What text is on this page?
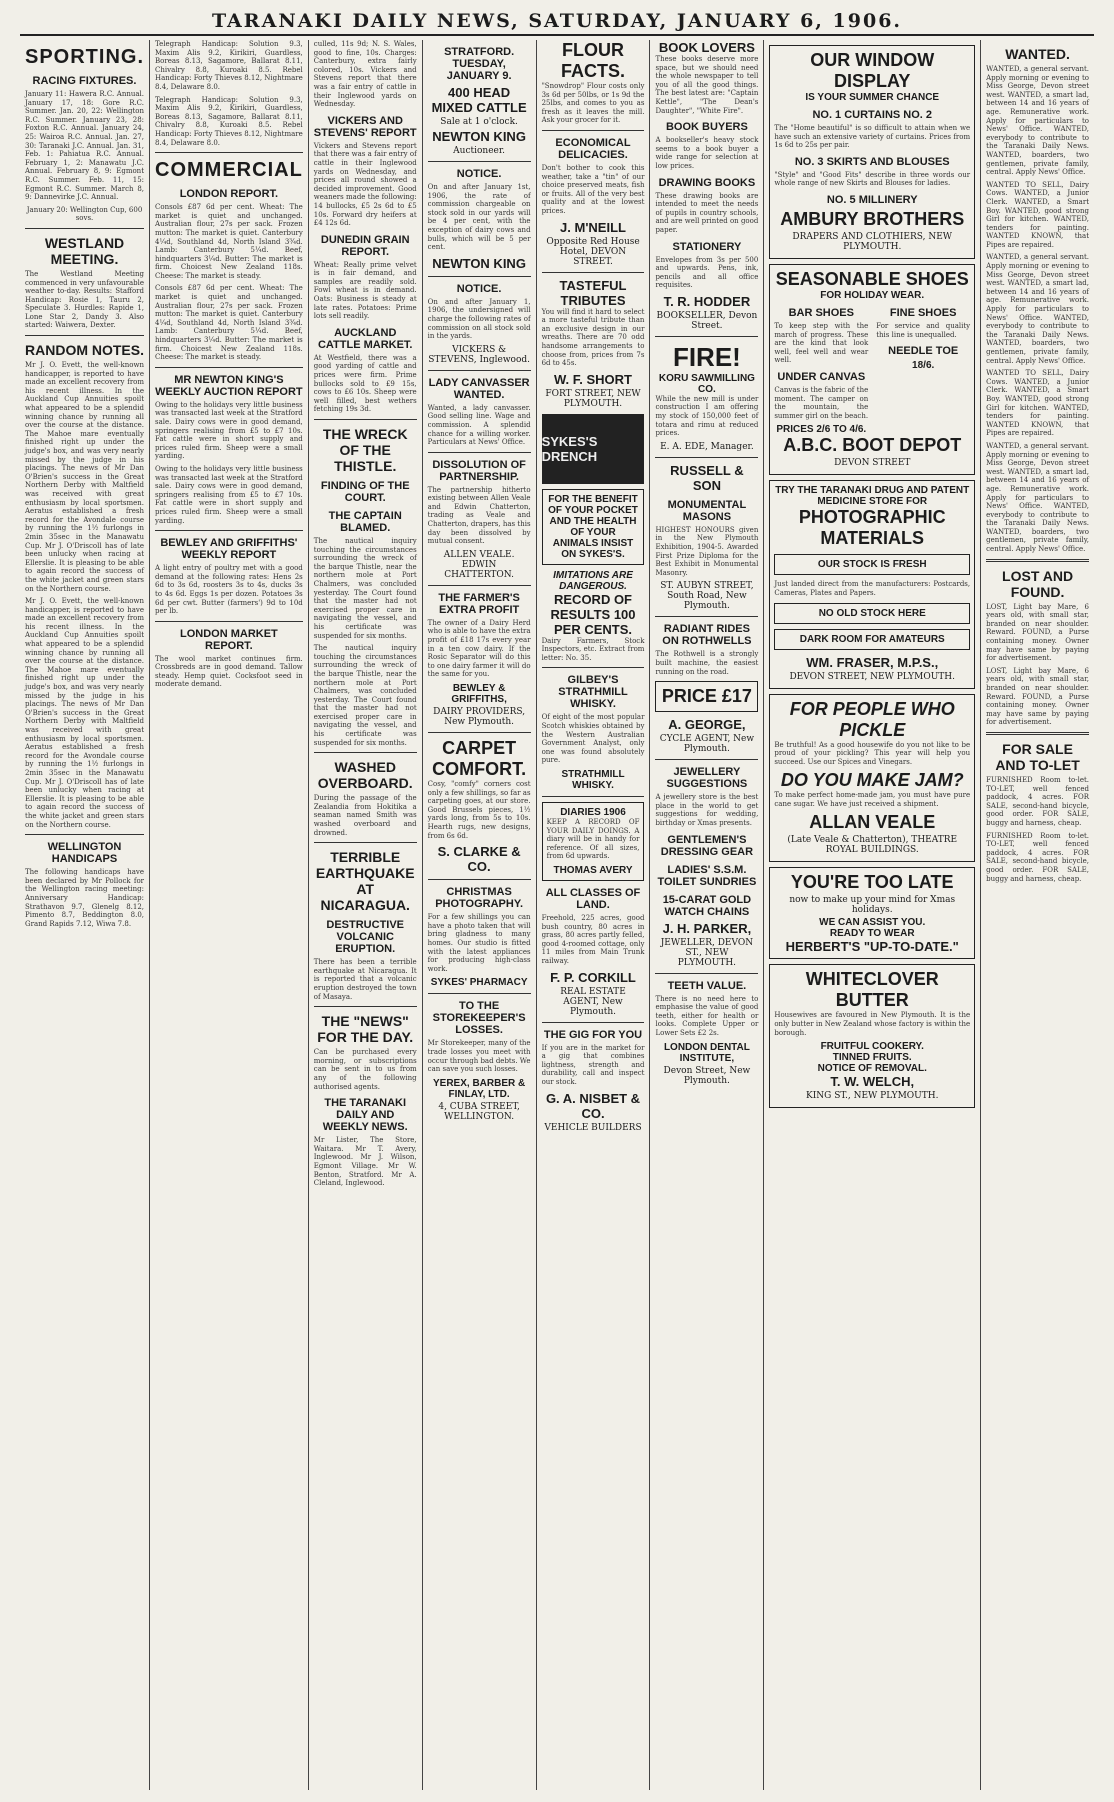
TARANAKI DAILY NEWS, SATURDAY, JANUARY 6, 1906.
SPORTING.
RACING FIXTURES.

January 11: Hawera R.C. Annual. January 17, 18: Gore R.C. Summer. Jan. 20, 22: Wellington R.C. Summer. January 23, 28: Foxton R.C. Annual. January 24, 25: Wairoa R.C. Annual. Jan. 27, 30: Taranaki J.C. Annual. Jan. 31, Feb. 1: Pahiatua R.C. Annual. February 1, 2: Manawatu J.C. Annual. February 8, 9: Egmont R.C. Summer. Feb. 11, 15: Egmont R.C. Summer. March 8, 9: Dannevirke J.C. Annual.

January 20: Wellington Cup, 600 sovs.

WESTLAND MEETING.

The Westland Meeting commenced in very unfavourable weather to-day. Results: Stafford Handicap: Rosie 1, Tauru 2, Speculate 3. Hurdles: Rapide 1, Lone Star 2, Dandy 3. Also started: Waiwera, Dexter.

RANDOM NOTES.

Mr J. O. Evett, the well-known handicapper, is reported to have made an excellent recovery from his recent illness. In the Auckland Cup Annuities spoilt what appeared to be a splendid winning chance by running all over the course at the distance. The Mahoe mare eventually finished right up under the judge's box, and was very nearly missed by the judge in his placings. The news of Mr Dan O'Brien's success in the Great Northern Derby with Maltfield was received with great enthusiasm by local sportsmen. Aeratus established a fresh record for the Avondale course by running the 1½ furlongs in 2min 35sec in the Manawatu Cup. Mr J. O'Driscoll has of late been unlucky when racing at Ellerslie. It is pleasing to be able to again record the success of the white jacket and green stars on the Northern course.

Mr J. O. Evett, the well-known handicapper, is reported to have made an excellent recovery from his recent illness. In the Auckland Cup Annuities spoilt what appeared to be a splendid winning chance by running all over the course at the distance. The Mahoe mare eventually finished right up under the judge's box, and was very nearly missed by the judge in his placings. The news of Mr Dan O'Brien's success in the Great Northern Derby with Maltfield was received with great enthusiasm by local sportsmen. Aeratus established a fresh record for the Avondale course by running the 1½ furlongs in 2min 35sec in the Manawatu Cup. Mr J. O'Driscoll has of late been unlucky when racing at Ellerslie. It is pleasing to be able to again record the success of the white jacket and green stars on the Northern course.

WELLINGTON HANDICAPS

The following handicaps have been declared by Mr Pollock for the Wellington racing meeting: Anniversary Handicap: Strathavon 9.7, Glenelg 8.12, Pimento 8.7, Beddington 8.0, Grand Rapids 7.12, Wiwa 7.8.

Telegraph Handicap: Solution 9.3, Maxim Alis 9.2, Kirikiri, Guardless, Boreas 8.13, Sagamore, Ballarat 8.11, Chivalry 8.8, Kuroaki 8.5. Rebel Handicap: Forty Thieves 8.12, Nightmare 8.4, Delaware 8.0.

Telegraph Handicap: Solution 9.3, Maxim Alis 9.2, Kirikiri, Guardless, Boreas 8.13, Sagamore, Ballarat 8.11, Chivalry 8.8, Kuroaki 8.5. Rebel Handicap: Forty Thieves 8.12, Nightmare 8.4, Delaware 8.0.

COMMERCIAL
LONDON REPORT.

Consols £87 6d per cent. Wheat: The market is quiet and unchanged. Australian flour, 27s per sack. Frozen mutton: The market is quiet. Canterbury 4¼d, Southland 4d, North Island 3¾d. Lamb: Canterbury 5¼d. Beef, hindquarters 3¼d. Butter: The market is firm. Choicest New Zealand 118s. Cheese: The market is steady.

Consols £87 6d per cent. Wheat: The market is quiet and unchanged. Australian flour, 27s per sack. Frozen mutton: The market is quiet. Canterbury 4¼d, Southland 4d, North Island 3¾d. Lamb: Canterbury 5¼d. Beef, hindquarters 3¼d. Butter: The market is firm. Choicest New Zealand 118s. Cheese: The market is steady.

MR NEWTON KING'S WEEKLY AUCTION REPORT

Owing to the holidays very little business was transacted last week at the Stratford sale. Dairy cows were in good demand, springers realising from £5 to £7 10s. Fat cattle were in short supply and prices ruled firm. Sheep were a small yarding.

Owing to the holidays very little business was transacted last week at the Stratford sale. Dairy cows were in good demand, springers realising from £5 to £7 10s. Fat cattle were in short supply and prices ruled firm. Sheep were a small yarding.

BEWLEY AND GRIFFITHS' WEEKLY REPORT

A light entry of poultry met with a good demand at the following rates: Hens 2s 6d to 3s 6d, roosters 3s to 4s, ducks 3s to 4s 6d. Eggs 1s per dozen. Potatoes 3s 6d per cwt. Butter (farmers') 9d to 10d per lb.

LONDON MARKET REPORT.

The wool market continues firm. Crossbreds are in good demand. Tallow steady. Hemp quiet. Cocksfoot seed in moderate demand.

culled, 11s 9d; N. S. Wales, good to fine, 10s. Charges: Canterbury, extra fairly colored, 10s. Vickers and Stevens report that there was a fair entry of cattle in their Inglewood yards on Wednesday.

VICKERS AND STEVENS' REPORT

Vickers and Stevens report that there was a fair entry of cattle in their Inglewood yards on Wednesday, and prices all round showed a decided improvement. Good weaners made the following: 14 bullocks, £5 2s 6d to £5 10s. Forward dry heifers at £4 12s 6d.

DUNEDIN GRAIN REPORT.

Wheat: Really prime velvet is in fair demand, and samples are readily sold. Fowl wheat is in demand. Oats: Business is steady at late rates. Potatoes: Prime lots sell readily.

AUCKLAND CATTLE MARKET.

At Westfield, there was a good yarding of cattle and prices were firm. Prime bullocks sold to £9 15s, cows to £6 10s. Sheep were well filled, best wethers fetching 19s 3d.

THE WRECK OF THE THISTLE.
FINDING OF THE COURT.
THE CAPTAIN BLAMED.

The nautical inquiry touching the circumstances surrounding the wreck of the barque Thistle, near the northern mole at Port Chalmers, was concluded yesterday. The Court found that the master had not exercised proper care in navigating the vessel, and his certificate was suspended for six months.

The nautical inquiry touching the circumstances surrounding the wreck of the barque Thistle, near the northern mole at Port Chalmers, was concluded yesterday. The Court found that the master had not exercised proper care in navigating the vessel, and his certificate was suspended for six months.

WASHED OVERBOARD.

During the passage of the Zealandia from Hokitika a seaman named Smith was washed overboard and drowned.

TERRIBLE EARTHQUAKE AT NICARAGUA.
DESTRUCTIVE VOLCANIC ERUPTION.

There has been a terrible earthquake at Nicaragua. It is reported that a volcanic eruption destroyed the town of Masaya.

THE "NEWS" FOR THE DAY.

Can be purchased every morning, or subscriptions can be sent in to us from any of the following authorised agents.

THE TARANAKI DAILY AND WEEKLY NEWS.

Mr Lister, The Store, Waitara. Mr T. Avery, Inglewood. Mr J. Wilson, Egmont Village. Mr W. Benton, Stratford. Mr A. Cleland, Inglewood.

STRATFORD. TUESDAY, JANUARY 9.
400 HEAD MIXED CATTLE

Sale at 1 o'clock.

NEWTON KING

Auctioneer.

NOTICE.

On and after January 1st, 1906, the rate of commission chargeable on stock sold in our yards will be 4 per cent, with the exception of dairy cows and bulls, which will be 5 per cent.

NEWTON KING
NOTICE.

On and after January 1, 1906, the undersigned will charge the following rates of commission on all stock sold in the yards.

VICKERS & STEVENS, Inglewood.

LADY CANVASSER WANTED.

Wanted, a lady canvasser. Good selling line. Wage and commission. A splendid chance for a willing worker. Particulars at News' Office.

DISSOLUTION OF PARTNERSHIP.

The partnership hitherto existing between Allen Veale and Edwin Chatterton, trading as Veale and Chatterton, drapers, has this day been dissolved by mutual consent.

ALLEN VEALE. EDWIN CHATTERTON.

THE FARMER'S EXTRA PROFIT

The owner of a Dairy Herd who is able to have the extra profit of £18 17s every year in a ten cow dairy. If the Rosic Separator will do this to one dairy farmer it will do the same for you.

BEWLEY & GRIFFITHS,

DAIRY PROVIDERS, New Plymouth.

CARPET COMFORT.

Cosy, "comfy" corners cost only a few shillings, so far as carpeting goes, at our store. Good Brussels pieces, 1½ yards long, from 5s to 10s. Hearth rugs, new designs, from 6s 6d.

S. CLARKE & CO.
CHRISTMAS PHOTOGRAPHY.

For a few shillings you can have a photo taken that will bring gladness to many homes. Our studio is fitted with the latest appliances for producing high-class work.

SYKES' PHARMACY
TO THE STOREKEEPER'S LOSSES.

Mr Storekeeper, many of the trade losses you meet with occur through bad debts. We can save you such losses.

YEREX, BARBER & FINLAY, LTD.

4, CUBA STREET, WELLINGTON.

FLOUR FACTS.

"Snowdrop" Flour costs only 3s 6d per 50lbs, or 1s 9d the 25lbs, and comes to you as fresh as it leaves the mill. Ask your grocer for it.

ECONOMICAL DELICACIES.

Don't bother to cook this weather, take a "tin" of our choice preserved meats, fish or fruits. All of the very best quality and at the lowest prices.

J. M'NEILL

Opposite Red House Hotel, DEVON STREET.

TASTEFUL TRIBUTES

You will find it hard to select a more tasteful tribute than an exclusive design in our wreaths. There are 70 odd handsome arrangements to choose from, prices from 7s 6d to 45s.

W. F. SHORT

FORT STREET, NEW PLYMOUTH.

SYKES'S DRENCH
FOR THE BENEFIT OF YOUR POCKET AND THE HEALTH OF YOUR ANIMALS INSIST ON SYKES'S.
IMITATIONS ARE DANGEROUS.
RECORD OF RESULTS 100 PER CENTS.

Dairy Farmers, Stock Inspectors, etc. Extract from letter: No. 35.

GILBEY'S STRATHMILL WHISKY.

Of eight of the most popular Scotch whiskies obtained by the Western Australian Government Analyst, only one was found absolutely pure.

STRATHMILL WHISKY.
DIARIES 1906

KEEP A RECORD OF YOUR DAILY DOINGS. A diary will be in handy for reference. Of all sizes, from 6d upwards.

THOMAS AVERY
ALL CLASSES OF LAND.

Freehold, 225 acres, good bush country, 80 acres in grass, 80 acres partly felled, good 4-roomed cottage, only 11 miles from Main Trunk railway.

F. P. CORKILL

REAL ESTATE AGENT, New Plymouth.

THE GIG FOR YOU

If you are in the market for a gig that combines lightness, strength and durability, call and inspect our stock.

G. A. NISBET & CO.

VEHICLE BUILDERS

BOOK LOVERS

These books deserve more space, but we should need the whole newspaper to tell you of all the good things. The best latest are: "Captain Kettle", "The Dean's Daughter", "White Fire".

BOOK BUYERS

A bookseller's heavy stock seems to a book buyer a wide range for selection at low prices.

DRAWING BOOKS

These drawing books are intended to meet the needs of pupils in country schools, and are well printed on good paper.

STATIONERY

Envelopes from 3s per 500 and upwards. Pens, ink, pencils and all office requisites.

T. R. HODDER

BOOKSELLER, Devon Street.

FIRE!
KORU SAWMILLING CO.

While the new mill is under construction I am offering my stock of 150,000 feet of totara and rimu at reduced prices.

E. A. EDE, Manager.

RUSSELL & SON
MONUMENTAL MASONS

HIGHEST HONOURS given in the New Plymouth Exhibition, 1904-5. Awarded First Prize Diploma for the Best Exhibit in Monumental Masonry.

ST. AUBYN STREET, South Road, New Plymouth.

RADIANT RIDES ON ROTHWELLS

The Rothwell is a strongly built machine, the easiest running on the road.

PRICE £17
A. GEORGE,

CYCLE AGENT, New Plymouth.

JEWELLERY SUGGESTIONS

A jewellery store is the best place in the world to get suggestions for wedding, birthday or Xmas presents.

GENTLEMEN'S DRESSING GEAR
LADIES' S.S.M. TOILET SUNDRIES
15-CARAT GOLD WATCH CHAINS
J. H. PARKER,

JEWELLER, DEVON ST., NEW PLYMOUTH.

TEETH VALUE.

There is no need here to emphasise the value of good teeth, either for health or looks. Complete Upper or Lower Sets £2 2s.

LONDON DENTAL INSTITUTE,

Devon Street, New Plymouth.

OUR WINDOW DISPLAY
IS YOUR SUMMER CHANCE
NO. 1 CURTAINS NO. 2

The "Home beautiful" is so difficult to attain when we have such an extensive variety of curtains. Prices from 1s 6d to 25s per pair.

NO. 3 SKIRTS AND BLOUSES

"Style" and "Good Fits" describe in three words our whole range of new Skirts and Blouses for ladies.

NO. 5 MILLINERY
AMBURY BROTHERS

DRAPERS AND CLOTHIERS, NEW PLYMOUTH.

SEASONABLE SHOES
FOR HOLIDAY WEAR.
BAR SHOES

To keep step with the march of progress. These are the kind that look well, feel well and wear well.

UNDER CANVAS

Canvas is the fabric of the moment. The camper on the mountain, the summer girl on the beach.

PRICES 2/6 TO 4/6.
FINE SHOES

For service and quality this line is unequalled.

NEEDLE TOE
18/6.
A.B.C. BOOT DEPOT

DEVON STREET

TRY THE TARANAKI DRUG AND PATENT MEDICINE STORE FOR
PHOTOGRAPHIC MATERIALS
OUR STOCK IS FRESH

Just landed direct from the manufacturers: Postcards, Cameras, Plates and Papers.

NO OLD STOCK HERE
DARK ROOM FOR AMATEURS
WM. FRASER, M.P.S.,

DEVON STREET, NEW PLYMOUTH.

FOR PEOPLE WHO PICKLE

Be truthful! As a good housewife do you not like to be proud of your pickling? This year will help you succeed. Use our Spices and Vinegars.

DO YOU MAKE JAM?

To make perfect home-made jam, you must have pure cane sugar. We have just received a shipment.

ALLAN VEALE

(Late Veale & Chatterton), THEATRE ROYAL BUILDINGS.

YOU'RE TOO LATE

now to make up your mind for Xmas holidays.

WE CAN ASSIST YOU.
READY TO WEAR
HERBERT'S "UP-TO-DATE."
WHITECLOVER BUTTER

Housewives are favoured in New Plymouth. It is the only butter in New Zealand whose factory is within the borough.

FRUITFUL COOKERY.
TINNED FRUITS.
NOTICE OF REMOVAL.
T. W. WELCH,

KING ST., NEW PLYMOUTH.

WANTED.

WANTED, a general servant. Apply morning or evening to Miss George, Devon street west. WANTED, a smart lad, between 14 and 16 years of age. Remunerative work. Apply for particulars to News' Office. WANTED, everybody to contribute to the Taranaki Daily News. WANTED, boarders, two gentlemen, private family, central. Apply News' Office.

WANTED TO SELL, Dairy Cows. WANTED, a Junior Clerk. WANTED, a Smart Boy. WANTED, good strong Girl for kitchen. WANTED, tenders for painting. WANTED KNOWN, that Pipes are repaired.

WANTED, a general servant. Apply morning or evening to Miss George, Devon street west. WANTED, a smart lad, between 14 and 16 years of age. Remunerative work. Apply for particulars to News' Office. WANTED, everybody to contribute to the Taranaki Daily News. WANTED, boarders, two gentlemen, private family, central. Apply News' Office.

WANTED TO SELL, Dairy Cows. WANTED, a Junior Clerk. WANTED, a Smart Boy. WANTED, good strong Girl for kitchen. WANTED, tenders for painting. WANTED KNOWN, that Pipes are repaired.

WANTED, a general servant. Apply morning or evening to Miss George, Devon street west. WANTED, a smart lad, between 14 and 16 years of age. Remunerative work. Apply for particulars to News' Office. WANTED, everybody to contribute to the Taranaki Daily News. WANTED, boarders, two gentlemen, private family, central. Apply News' Office.

LOST AND FOUND.

LOST, Light bay Mare, 6 years old, with small star, branded on near shoulder. Reward. FOUND, a Purse containing money. Owner may have same by paying for advertisement.

LOST, Light bay Mare, 6 years old, with small star, branded on near shoulder. Reward. FOUND, a Purse containing money. Owner may have same by paying for advertisement.

FOR SALE AND TO-LET

FURNISHED Room to-let. TO-LET, well fenced paddock, 4 acres. FOR SALE, second-hand bicycle, good order. FOR SALE, buggy and harness, cheap.

FURNISHED Room to-let. TO-LET, well fenced paddock, 4 acres. FOR SALE, second-hand bicycle, good order. FOR SALE, buggy and harness, cheap.
